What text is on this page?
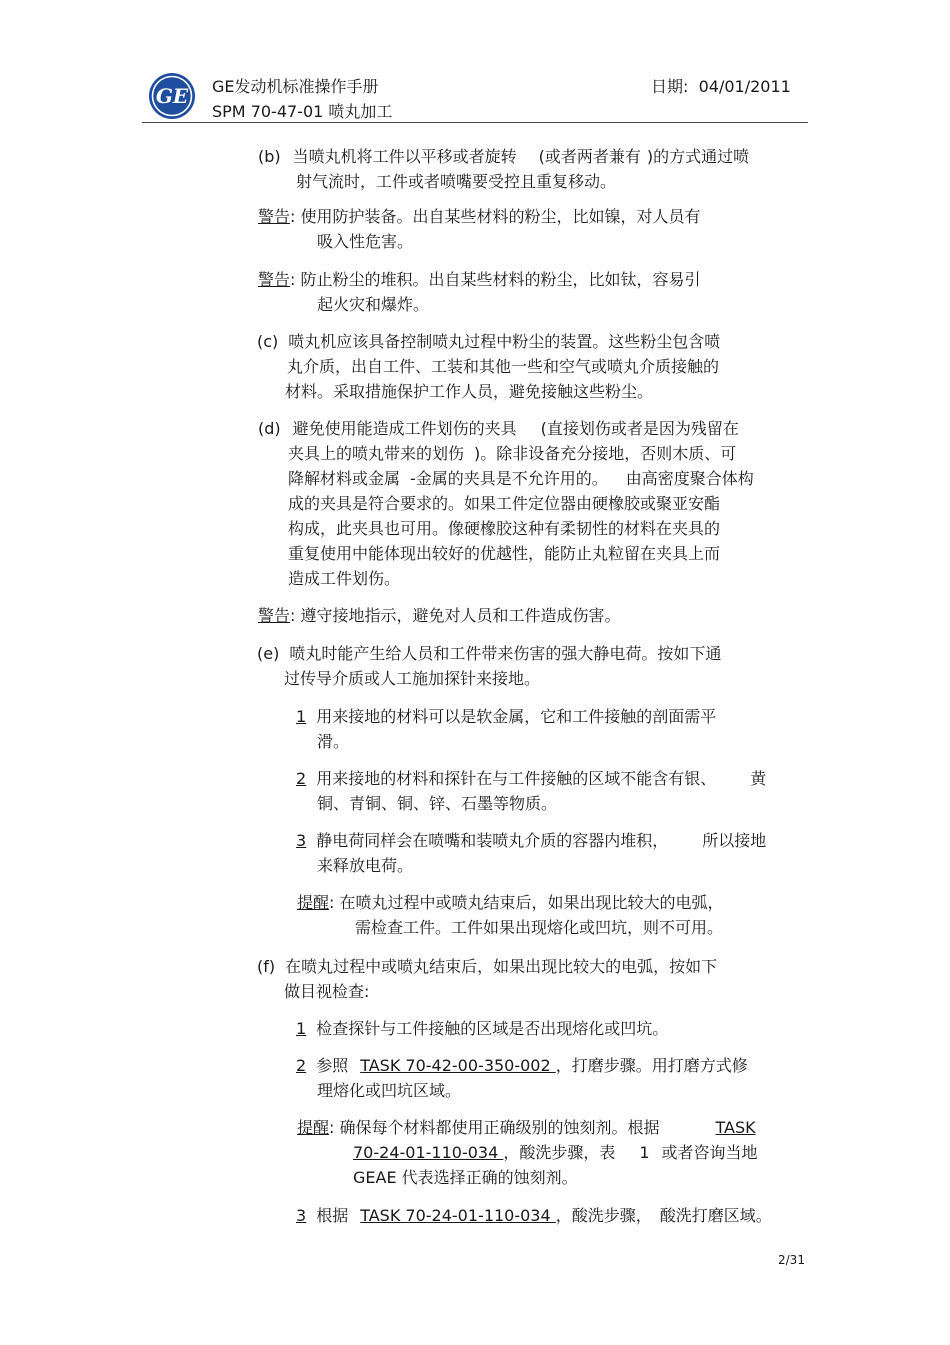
GE GE发动机标准操作手册
SPM 70-47-01 喷丸加工
日期: 04/01/2011
(b) 当喷丸机将工件以平移或者旋转 (或者两者兼有 )的方式通过喷
射气流时，工件或者喷嘴要受控且重复移动。
警告: 使用防护装备。出自某些材料的粉尘，比如镍，对人员有
吸入性危害。
警告: 防止粉尘的堆积。出自某些材料的粉尘，比如钛，容易引
起火灾和爆炸。
(c) 喷丸机应该具备控制喷丸过程中粉尘的装置。这些粉尘包含喷
丸介质，出自工件、工装和其他一些和空气或喷丸介质接触的
材料。采取措施保护工作人员，避免接触这些粉尘。
(d) 避免使用能造成工件划伤的夹具 (直接划伤或者是因为残留在
夹具上的喷丸带来的划伤 )。除非设备充分接地，否则木质、可
降解材料或金属 -金属的夹具是不允许用的。 由高密度聚合体构
成的夹具是符合要求的。如果工件定位器由硬橡胶或聚亚安酯
构成，此夹具也可用。像硬橡胶这种有柔韧性的材料在夹具的
重复使用中能体现出较好的优越性，能防止丸粒留在夹具上而
造成工件划伤。
警告: 遵守接地指示，避免对人员和工件造成伤害。
(e) 喷丸时能产生给人员和工件带来伤害的强大静电荷。按如下通
过传导介质或人工施加探针来接地。
1 用来接地的材料可以是软金属，它和工件接触的剖面需平
滑。
2 用来接地的材料和探针在与工件接触的区域不能含有银、 黄
铜、青铜、铜、锌、石墨等物质。
3 静电荷同样会在喷嘴和装喷丸介质的容器内堆积， 所以接地
来释放电荷。
提醒: 在喷丸过程中或喷丸结束后，如果出现比较大的电弧，
需检查工件。工件如果出现熔化或凹坑，则不可用。
(f) 在喷丸过程中或喷丸结束后，如果出现比较大的电弧，按如下
做目视检查:
1 检查探针与工件接触的区域是否出现熔化或凹坑。
2 参照 TASK 70-42-00-350-002 ，打磨步骤。用打磨方式修
理熔化或凹坑区域。
提醒: 确保每个材料都使用正确级别的蚀刻剂。根据	TASK
70-24-01-110-034 ，酸洗步骤，表 1 或者咨询当地
GEAE 代表选择正确的蚀刻剂。
3 根据 TASK 70-24-01-110-034 ，酸洗步骤， 酸洗打磨区域。
2/31
